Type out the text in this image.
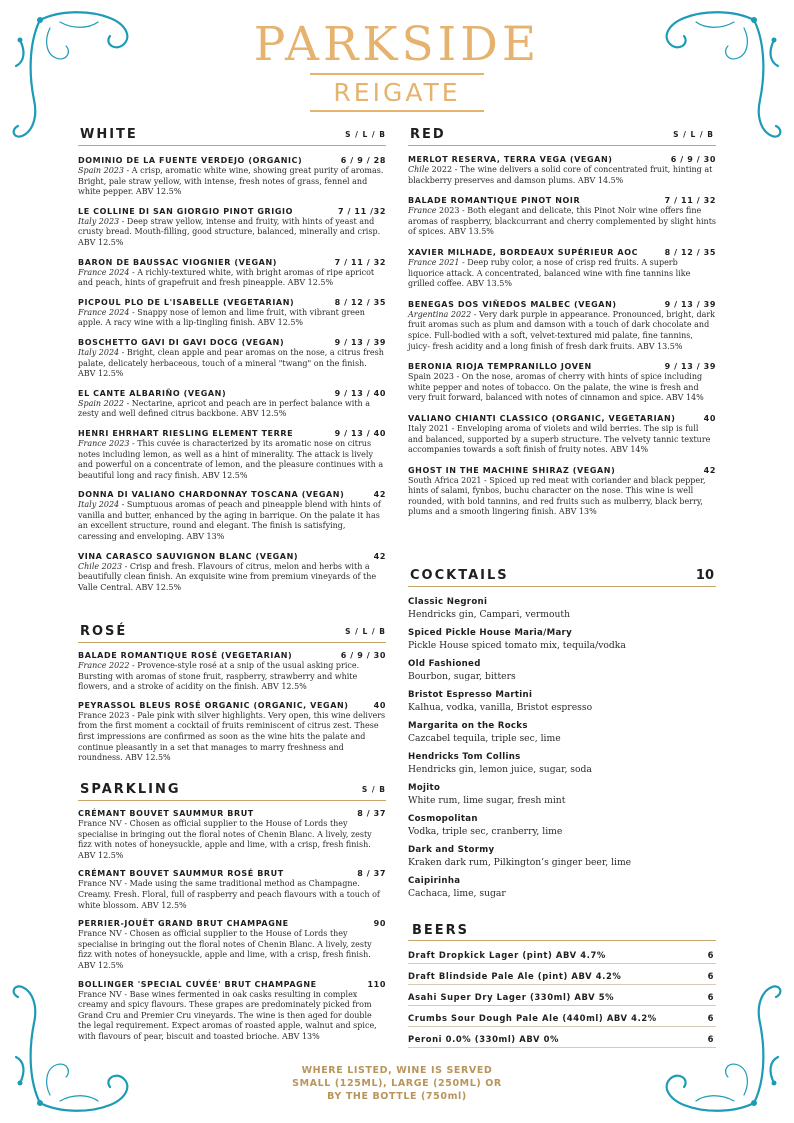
PARKSIDE
REIGATE
WHITE	S / L / B
DOMINIO DE LA FUENTE VERDEJO (ORGANIC)	6 / 9 / 28
Spain 2023 - A crisp, aromatic white wine, showing great purity of aromas. Bright, pale straw yellow, with intense, fresh notes of grass, fennel and white pepper. ABV 12.5%
LE COLLINE DI SAN GIORGIO PINOT GRIGIO	7 / 11 /32
Italy 2023 - Deep straw yellow, intense and fruity, with hints of yeast and crusty bread. Mouth-filling, good structure, balanced, minerally and crisp. ABV 12.5%
BARON DE BAUSSAC VIOGNIER (VEGAN)	7 / 11 / 32
France 2024 - A richly-textured white, with bright aromas of ripe apricot and peach, hints of grapefruit and fresh pineapple. ABV 12.5%
PICPOUL PLO DE L'ISABELLE (VEGETARIAN)	8 / 12 / 35
France 2024 - Snappy nose of lemon and lime fruit, with vibrant green apple. A racy wine with a lip-tingling finish. ABV 12.5%
BOSCHETTO GAVI DI GAVI DOCG (VEGAN)	9 / 13 / 39
Italy 2024 - Bright, clean apple and pear aromas on the nose, a citrus fresh palate, delicately herbaceous, touch of a mineral "twang" on the finish. ABV 12.5%
EL CANTE ALBARIÑO (VEGAN)	9 / 13 / 40
Spain 2022 - Nectarine, apricot and peach are in perfect balance with a zesty and well defined citrus backbone. ABV 12.5%
HENRI EHRHART RIESLING ELEMENT TERRE	9 / 13 / 40
France 2023 - This cuvée is characterized by its aromatic nose on citrus notes including lemon, as well as a hint of minerality. The attack is lively and powerful on a concentrate of lemon, and the pleasure continues with a beautiful long and racy finish. ABV 12.5%
DONNA DI VALIANO CHARDONNAY TOSCANA (VEGAN)	42
Italy 2024 - Sumptuous aromas of peach and pineapple blend with hints of vanilla and butter, enhanced by the aging in barrique. On the palate it has an excellent structure, round and elegant. The finish is satisfying, caressing and enveloping. ABV 13%
VINA CARASCO SAUVIGNON BLANC (VEGAN)	42
Chile 2023 - Crisp and fresh. Flavours of citrus, melon and herbs with a beautifully clean finish. An exquisite wine from premium vineyards of the Valle Central. ABV 12.5%
ROSÉ	S / L / B
BALADE ROMANTIQUE ROSÉ (VEGETARIAN)	6 / 9 / 30
France 2022 - Provence-style rosé at a snip of the usual asking price. Bursting with aromas of stone fruit, raspberry, strawberry and white flowers, and a stroke of acidity on the finish. ABV 12.5%
PEYRASSOL BLEUS ROSÉ ORGANIC (ORGANIC, VEGAN)	40
France 2023 - Pale pink with silver highlights. Very open, this wine delivers from the first moment a cocktail of fruits reminiscent of citrus zest. These first impressions are confirmed as soon as the wine hits the palate and continue pleasantly in a set that manages to marry freshness and roundness. ABV 12.5%
SPARKLING	S / B
CRÉMANT BOUVET SAUMMUR BRUT	8 / 37
France NV - Chosen as official supplier to the House of Lords they specialise in bringing out the floral notes of Chenin Blanc. A lively, zesty fizz with notes of honeysuckle, apple and lime, with a crisp, fresh finish. ABV 12.5%
CRÉMANT BOUVET SAUMMUR ROSÉ BRUT	8 / 37
France NV - Made using the same traditional method as Champagne. Creamy. Fresh. Floral, full of raspberry and peach flavours with a touch of white blossom. ABV 12.5%
PERRIER-JOUËT GRAND BRUT CHAMPAGNE	90
France NV - Chosen as official supplier to the House of Lords they specialise in bringing out the floral notes of Chenin Blanc. A lively, zesty fizz with notes of honeysuckle, apple and lime, with a crisp, fresh finish. ABV 12.5%
BOLLINGER 'SPECIAL CUVÉE' BRUT CHAMPAGNE	110
France NV - Base wines fermented in oak casks resulting in complex creamy and spicy flavours. These grapes are predominately picked from Grand Cru and Premier Cru vineyards. The wine is then aged for double the legal requirement. Expect aromas of roasted apple, walnut and spice, with flavours of pear, biscuit and toasted brioche. ABV 13%
RED	S / L / B
MERLOT RESERVA, TERRA VEGA (VEGAN)	6 / 9 / 30
Chile 2022 - The wine delivers a solid core of concentrated fruit, hinting at blackberry preserves and damson plums. ABV 14.5%
BALADE ROMANTIQUE PINOT NOIR	7 / 11 / 32
France 2023 - Both elegant and delicate, this Pinot Noir wine offers fine aromas of raspberry, blackcurrant and cherry complemented by slight hints of spices. ABV 13.5%
XAVIER MILHADE, BORDEAUX SUPÉRIEUR AOC	8 / 12 / 35
France 2021 - Deep ruby color, a nose of crisp red fruits. A superb liquorice attack. A concentrated, balanced wine with fine tannins like grilled coffee. ABV 13.5%
BENEGAS DOS VIÑEDOS MALBEC (VEGAN)	9 / 13 / 39
Argentina 2022 - Very dark purple in appearance. Pronounced, bright, dark fruit aromas such as plum and damson with a touch of dark chocolate and spice. Full-bodied with a soft, velvet-textured mid palate, fine tannins, juicy- fresh acidity and a long finish of fresh dark fruits. ABV 13.5%
BERONIA RIOJA TEMPRANILLO JOVEN	9 / 13 / 39
Spain 2023 - On the nose, aromas of cherry with hints of spice including white pepper and notes of tobacco. On the palate, the wine is fresh and very fruit forward, balanced with notes of cinnamon and spice. ABV 14%
VALIANO CHIANTI CLASSICO (ORGANIC, VEGETARIAN)	40
Italy 2021 - Enveloping aroma of violets and wild berries. The sip is full and balanced, supported by a superb structure. The velvety tannic texture accompanies towards a soft finish of fruity notes. ABV 14%
GHOST IN THE MACHINE SHIRAZ (VEGAN)	42
South Africa 2021 - Spiced up red meat with coriander and black pepper, hints of salami, fynbos, buchu character on the nose. This wine is well rounded, with bold tannins, and red fruits such as mulberry, black berry, plums and a smooth lingering finish. ABV 13%
COCKTAILS	10
Classic Negroni
Hendricks gin, Campari, vermouth
Spiced Pickle House Maria/Mary
Pickle House spiced tomato mix, tequila/vodka
Old Fashioned
Bourbon, sugar, bitters
Bristot Espresso Martini
Kalhua, vodka, vanilla, Bristot espresso
Margarita on the Rocks
Cazcabel tequila, triple sec, lime
Hendricks Tom Collins
Hendricks gin, lemon juice, sugar, soda
Mojito
White rum, lime sugar, fresh mint
Cosmopolitan
Vodka, triple sec, cranberry, lime
Dark and Stormy
Kraken dark rum, Pilkington’s ginger beer, lime
Caipirinha
Cachaca, lime, sugar
BEERS
Draft Dropkick Lager (pint) ABV 4.7%	6
Draft Blindside Pale Ale (pint) ABV 4.2%	6
Asahi Super Dry Lager (330ml) ABV 5%	6
Crumbs Sour Dough Pale Ale (440ml) ABV 4.2%	6
Peroni 0.0% (330ml) ABV 0%	6
WHERE LISTED, WINE IS SERVED
SMALL (125ML), LARGE (250ML) OR
BY THE BOTTLE (750ml)
